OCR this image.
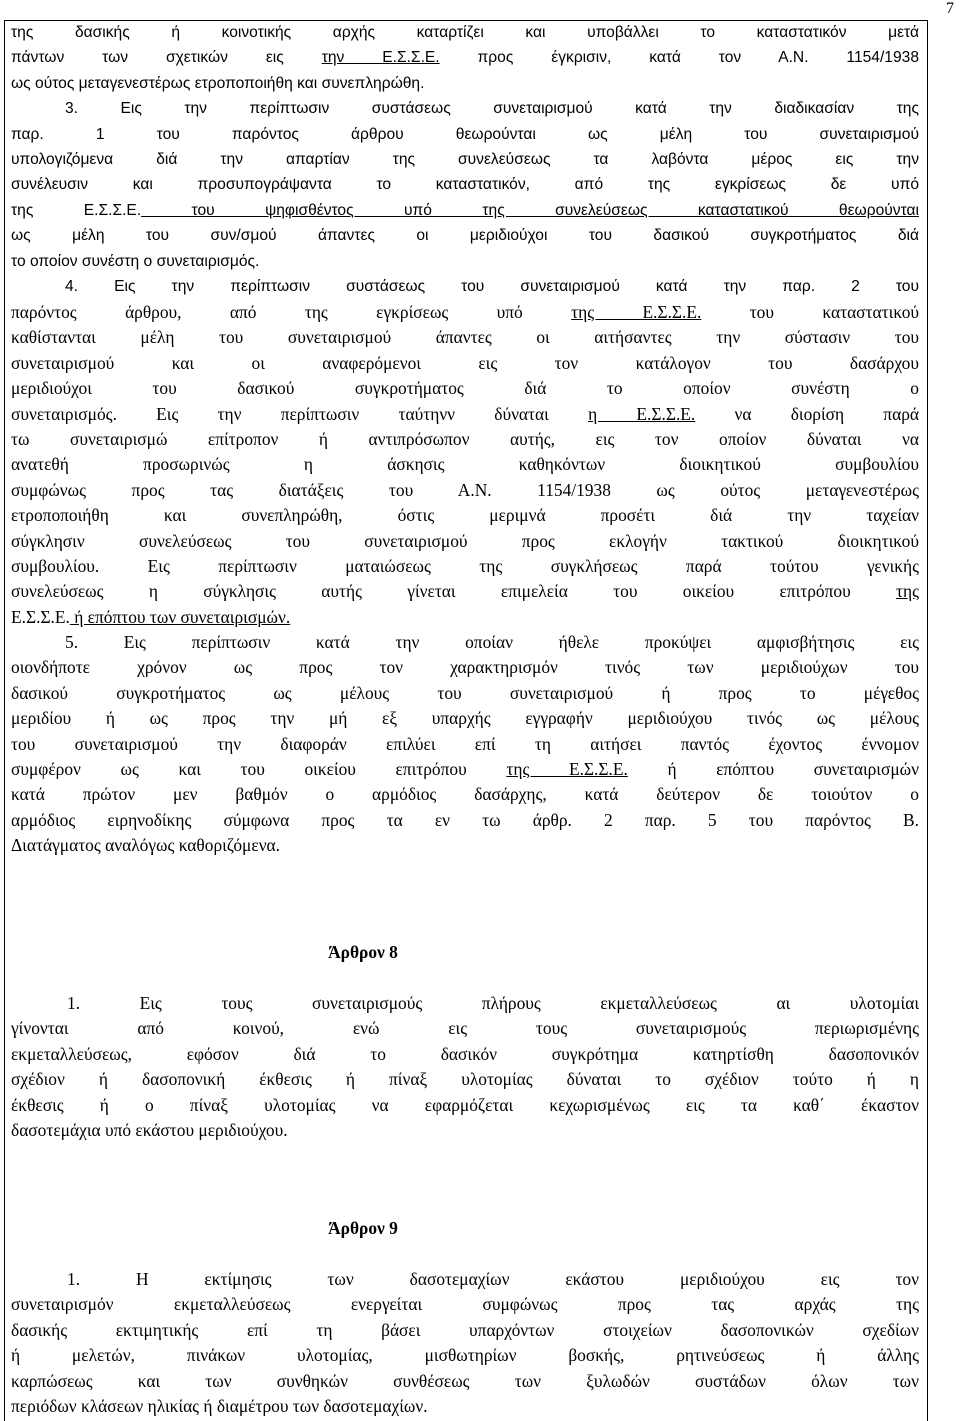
7
της δασικής ή κοινοτικής αρχής καταρτίζει και υποβάλλει το καταστατικόν μετά
πάντων των σχετικών εις την Ε.Σ.Σ.Ε. προς έγκρισιν, κατά τον Α.Ν. 1154/1938
ως ούτος μεταγενεστέρως ετροποποιήθη και συνεπληρώθη.
3. Εις την περίπτωσιν συστάσεως συνεταιρισμού κατά την διαδικασίαν της
παρ. 1 του παρόντος άρθρου θεωρούνται ως μέλη του συνεταιρισμού
υπολογιζόμενα διά την απαρτίαν της συνελεύσεως τα λαβόντα μέρος εις την
συνέλευσιν και προσυπογράψαντα το καταστατικόν, από της εγκρίσεως δε υπό
της Ε.Σ.Σ.Ε. του ψηφισθέντος υπό της συνελεύσεως καταστατικού θεωρούνται
ως μέλη του συν/σμού άπαντες οι μεριδιούχοι του δασικού συγκροτήματος διά
το οποίον συνέστη ο συνεταιρισμός.
4. Εις την περίπτωσιν συστάσεως του συνεταιρισμού κατά την παρ. 2 του
παρόντος άρθρου, από της εγκρίσεως υπό της Ε.Σ.Σ.Ε. του καταστατικού
καθίστανται μέλη του συνεταιρισμού άπαντες οι αιτήσαντες την σύστασιν του
συνεταιρισμού και οι αναφερόμενοι εις τον κατάλογον του δασάρχου
μεριδιούχοι του δασικού συγκροτήματος διά το οποίον συνέστη ο
συνεταιρισμός. Εις την περίπτωσιν ταύτηνν δύναται η Ε.Σ.Σ.Ε. να διορίση παρά
τω συνεταιρισμώ επίτροπον ή αντιπρόσωπον αυτής, εις τον οποίον δύναται να
ανατεθή προσωρινώς η άσκησις καθηκόντων διοικητικού συμβουλίου
συμφώνως προς τας διατάξεις του Α.Ν. 1154/1938 ως ούτος μεταγενεστέρως
ετροποποιήθη και συνεπληρώθη, όστις μεριμνά προσέτι διά την ταχείαν
σύγκλησιν συνελεύσεως του συνεταιρισμού προς εκλογήν τακτικού διοικητικού
συμβουλίου. Εις περίπτωσιν ματαιώσεως της συγκλήσεως παρά τούτου γενικής
συνελεύσεως η σύγκλησις αυτής γίνεται επιμελεία του οικείου επιτρόπου της
Ε.Σ.Σ.Ε. ή επόπτου των συνεταιρισμών.
5. Εις περίπτωσιν κατά την οποίαν ήθελε προκύψει αμφισβήτησις εις
οιονδήποτε χρόνον ως προς τον χαρακτηρισμόν τινός των μεριδιούχων του
δασικού συγκροτήματος ως μέλους του συνεταιρισμού ή προς το μέγεθος
μεριδίου ή ως προς την μή εξ υπαρχής εγγραφήν μεριδιούχου τινός ως μέλους
του συνεταιρισμού την διαφοράν επιλύει επί τη αιτήσει παντός έχοντος έννομον
συμφέρον ως και του οικείου επιτρόπου της Ε.Σ.Σ.Ε. ή επόπτου συνεταιρισμών
κατά πρώτον μεν βαθμόν ο αρμόδιος δασάρχης, κατά δεύτερον δε τοιούτον ο
αρμόδιος ειρηνοδίκης σύμφωνα προς τα εν τω άρθρ. 2 παρ. 5 του παρόντος Β.
Διατάγματος αναλόγως καθοριζόμενα.
Άρθρον 8
1. Εις τους συνεταιρισμούς πλήρους εκμεταλλεύσεως αι υλοτομίαι
γίνονται από κοινού, ενώ εις τους συνεταιρισμούς περιωρισμένης
εκμεταλλεύσεως, εφόσον διά το δασικόν συγκρότημα κατηρτίσθη δασοπονικόν
σχέδιον ή δασοπονική έκθεσις ή πίναξ υλοτομίας δύναται το σχέδιον τούτο ή η
έκθεσις ή ο πίναξ υλοτομίας να εφαρμόζεται κεχωρισμένως εις τα καθ΄ έκαστον
δασοτεμάχια υπό εκάστου μεριδιούχου.
Άρθρον 9
1. Η εκτίμησις των δασοτεμαχίων εκάστου μεριδιούχου εις τον
συνεταιρισμόν εκμεταλλεύσεως ενεργείται συμφώνως προς τας αρχάς της
δασικής εκτιμητικής επί τη βάσει υπαρχόντων στοιχείων δασοπονικών σχεδίων
ή μελετών, πινάκων υλοτομίας, μισθωτηρίων βοσκής, ρητινεύσεως ή άλλης
καρπώσεως και των συνθηκών συνθέσεως των ξυλωδών συστάδων όλων των
περιόδων κλάσεων ηλικίας ή διαμέτρου των δασοτεμαχίων.
